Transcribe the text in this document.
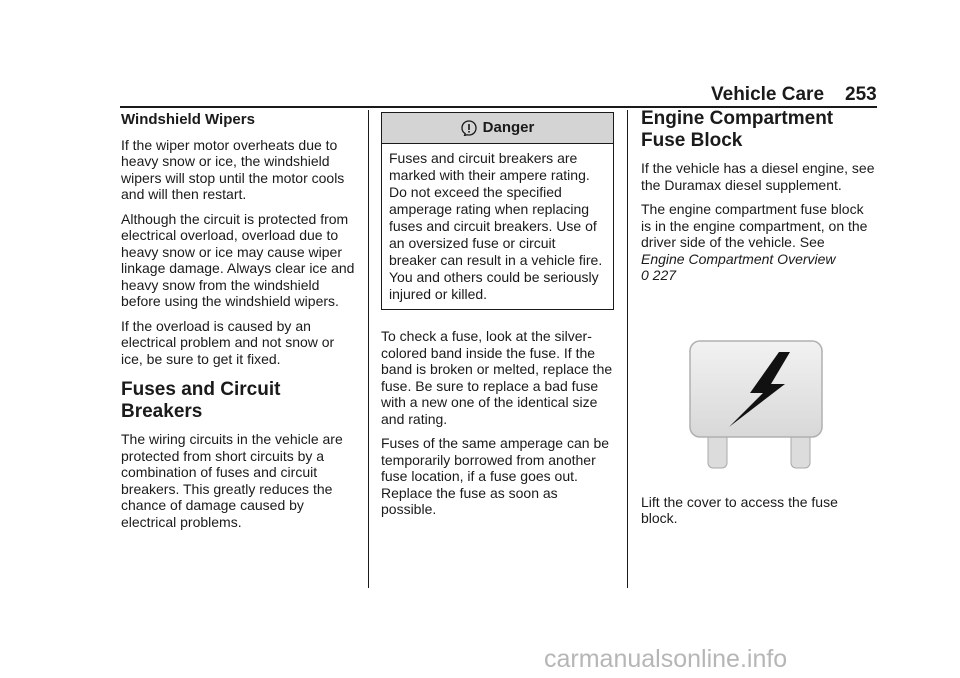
Vehicle Care 253
Windshield Wipers

If the wiper motor overheats due to heavy snow or ice, the windshield wipers will stop until the motor cools and will then restart.

Although the circuit is protected from electrical overload, overload due to heavy snow or ice may cause wiper linkage damage. Always clear ice and heavy snow from the windshield before using the windshield wipers.

If the overload is caused by an electrical problem and not snow or ice, be sure to get it fixed.

Fuses and Circuit
Breakers

The wiring circuits in the vehicle are protected from short circuits by a combination of fuses and circuit breakers. This greatly reduces the chance of damage caused by electrical problems.

Danger
Fuses and circuit breakers are marked with their ampere rating. Do not exceed the specified amperage rating when replacing fuses and circuit breakers. Use of an oversized fuse or circuit breaker can result in a vehicle fire. You and others could be seriously injured or killed.

To check a fuse, look at the silver-colored band inside the fuse. If the band is broken or melted, replace the fuse. Be sure to replace a bad fuse with a new one of the identical size and rating.

Fuses of the same amperage can be temporarily borrowed from another fuse location, if a fuse goes out. Replace the fuse as soon as possible.

Engine Compartment
Fuse Block

If the vehicle has a diesel engine, see the Duramax diesel supplement.

The engine compartment fuse block is in the engine compartment, on the driver side of the vehicle. See
Engine Compartment Overview
0 227

Lift the cover to access the fuse block.

carmanualsonline.info
